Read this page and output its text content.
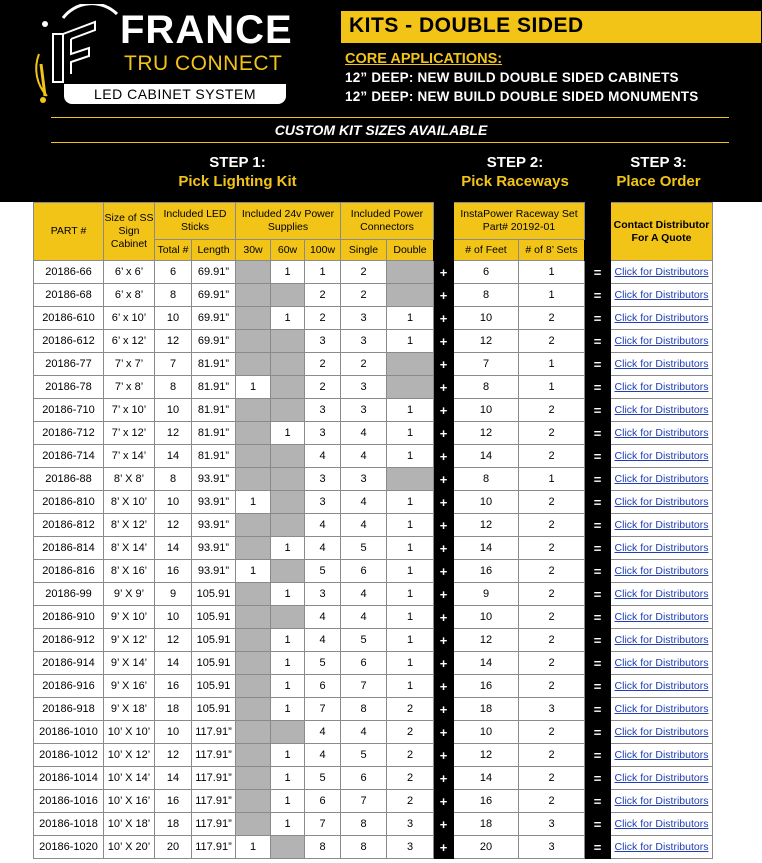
FRANCE
TRU CONNECT
LED CABINET SYSTEM
KITS - DOUBLE SIDED
CORE APPLICATIONS:
12” DEEP: NEW BUILD DOUBLE SIDED CABINETS
12” DEEP: NEW BUILD DOUBLE SIDED MONUMENTS
CUSTOM KIT SIZES AVAILABLE
STEP 1:
Pick Lighting Kit
STEP 2:
Pick Raceways
STEP 3:
Place Order
PART #	Size of SS Sign Cabinet	Included LED Sticks		Included 24v Power Supplies			Included Power Connectors			InstaPower Raceway Set Part# 20192-01			Contact Distributor For A Quote
		Total #	Length	30w	60w	100w	Single	Double		# of Feet	# of 8’ Sets		
20186-66	6’ x 6’	6	69.91”		1	1	2		+	6	1	=	Click for Distributors
20186-68	6’ x 8’	8	69.91”			2	2		+	8	1	=	Click for Distributors
20186-610	6’ x 10’	10	69.91”		1	2	3	1	+	10	2	=	Click for Distributors
20186-612	6’ x 12’	12	69.91”			3	3	1	+	12	2	=	Click for Distributors
20186-77	7’ x 7’	7	81.91”			2	2		+	7	1	=	Click for Distributors
20186-78	7’ x 8’	8	81.91”	1		2	3		+	8	1	=	Click for Distributors
20186-710	7’ x 10’	10	81.91”			3	3	1	+	10	2	=	Click for Distributors
20186-712	7’ x 12’	12	81.91”		1	3	4	1	+	12	2	=	Click for Distributors
20186-714	7’ x 14’	14	81.91”			4	4	1	+	14	2	=	Click for Distributors
20186-88	8’ X 8’	8	93.91”			3	3		+	8	1	=	Click for Distributors
20186-810	8’ X 10’	10	93.91”	1		3	4	1	+	10	2	=	Click for Distributors
20186-812	8’ X 12’	12	93.91”			4	4	1	+	12	2	=	Click for Distributors
20186-814	8’ X 14’	14	93.91”		1	4	5	1	+	14	2	=	Click for Distributors
20186-816	8’ X 16’	16	93.91”	1		5	6	1	+	16	2	=	Click for Distributors
20186-99	9’ X 9’	9	105.91		1	3	4	1	+	9	2	=	Click for Distributors
20186-910	9’ X 10’	10	105.91			4	4	1	+	10	2	=	Click for Distributors
20186-912	9’ X 12’	12	105.91		1	4	5	1	+	12	2	=	Click for Distributors
20186-914	9’ X 14’	14	105.91		1	5	6	1	+	14	2	=	Click for Distributors
20186-916	9’ X 16’	16	105.91		1	6	7	1	+	16	2	=	Click for Distributors
20186-918	9’ X 18’	18	105.91		1	7	8	2	+	18	3	=	Click for Distributors
20186-1010	10’ X 10’	10	117.91”			4	4	2	+	10	2	=	Click for Distributors
20186-1012	10’ X 12’	12	117.91”		1	4	5	2	+	12	2	=	Click for Distributors
20186-1014	10’ X 14’	14	117.91”		1	5	6	2	+	14	2	=	Click for Distributors
20186-1016	10’ X 16’	16	117.91”		1	6	7	2	+	16	2	=	Click for Distributors
20186-1018	10’ X 18’	18	117.91”		1	7	8	3	+	18	3	=	Click for Distributors
20186-1020	10’ X 20’	20	117.91”	1		8	8	3	+	20	3	=	Click for Distributors
